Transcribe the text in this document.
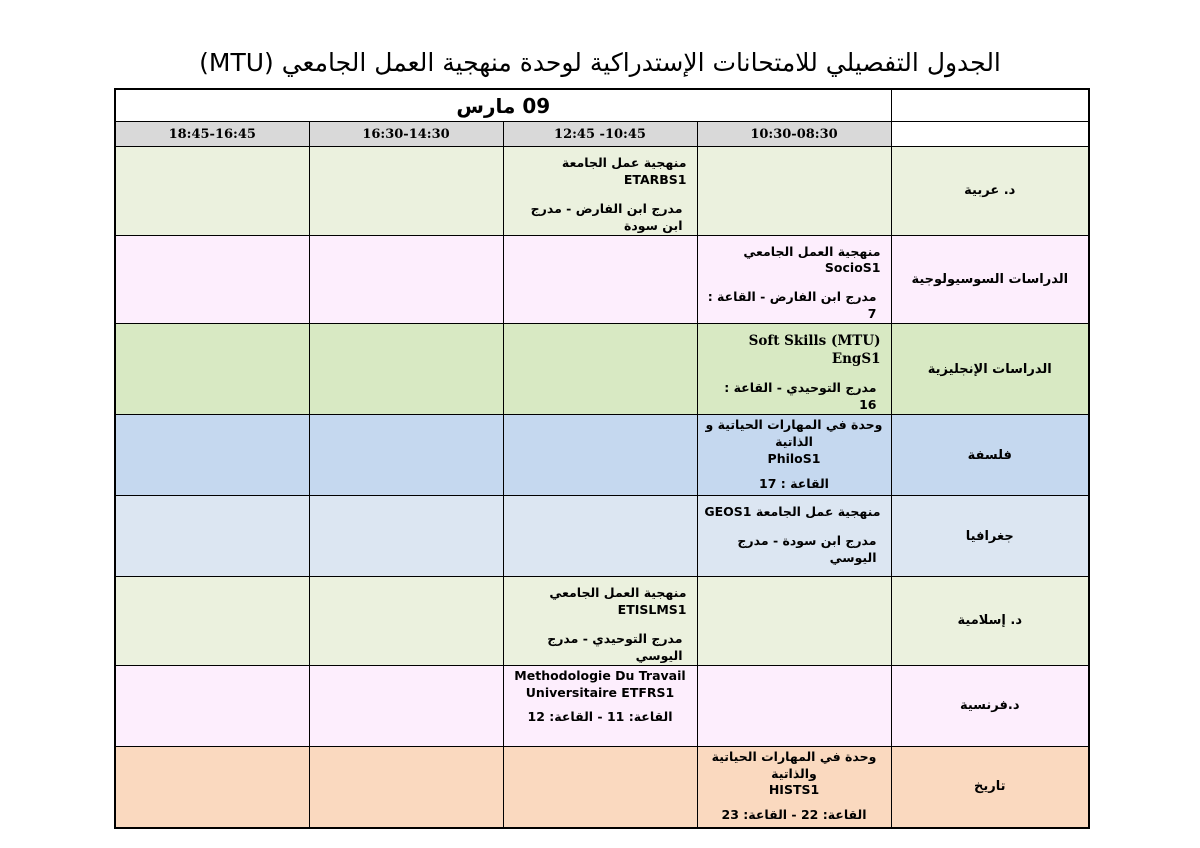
الجدول التفصيلي للامتحانات الإستدراكية لوحدة منهجية العمل الجامعي (MTU)
09 مارس				
18:45-16:45	16:30-14:30	12:45 -10:45	10:30-08:30	

		منهجية عمل الجامعة ETARBS1
مدرج ابن الفارض - مدرج ابن سودة		د. عربية

			منهجية العمل الجامعي SocioS1
مدرج ابن الفارض - القاعة : 7	الدراسات السوسيولوجية

			Soft Skills (MTU) EngS1
مدرج التوحيدي - القاعة : 16	الدراسات الإنجليزية

			وحدة في المهارات الحياتية و الذاتية
PhiloS1
القاعة : 17	فلسفة

			منهجية عمل الجامعة GEOS1
مدرج ابن سودة - مدرج اليوسي	جغرافيا

		منهجية العمل الجامعي ETISLMS1
مدرج التوحيدي - مدرج اليوسي		د. إسلامية

		Methodologie Du Travail
Universitaire ETFRS1
القاعة: 11 - القاعة: 12		د.فرنسية

			وحدة في المهارات الحياتية والذاتية
HISTS1
القاعة: 22 - القاعة: 23	تاريخ
